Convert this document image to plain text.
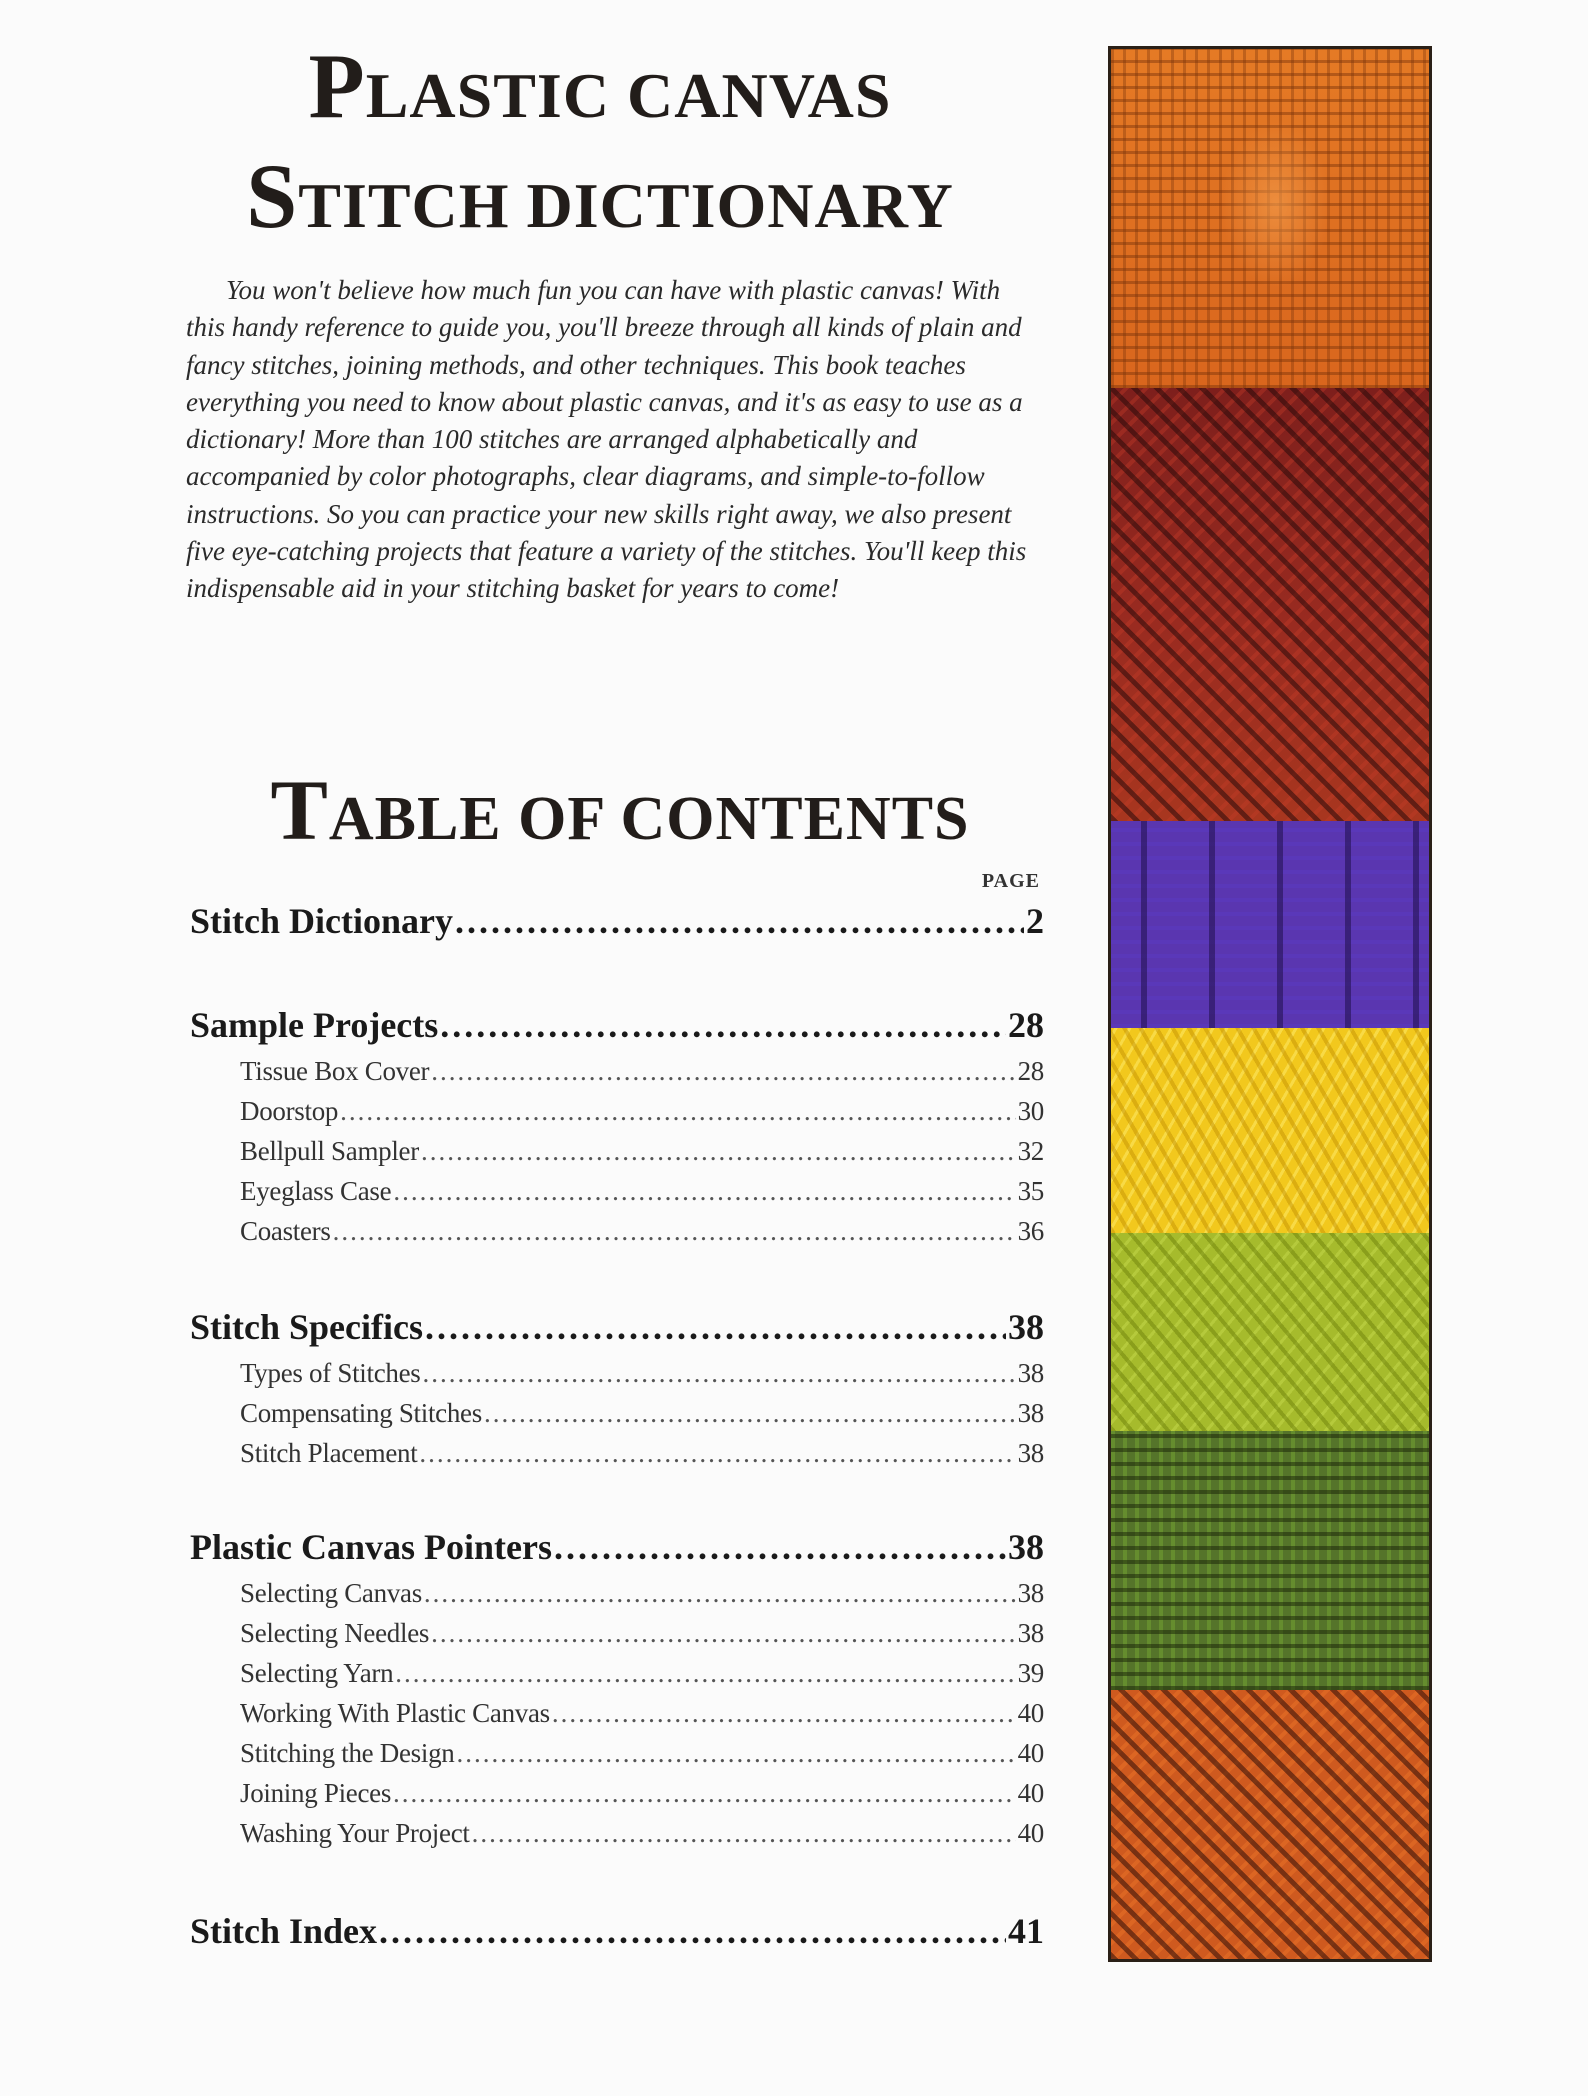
PLASTIC CANVAS
STITCH DICTIONARY

You won't believe how much fun you can have with plastic canvas! With this handy reference to guide you, you'll breeze through all kinds of plain and fancy stitches, joining methods, and other techniques. This book teaches everything you need to know about plastic canvas, and it's as easy to use as a dictionary! More than 100 stitches are arranged alphabetically and accompanied by color photographs, clear diagrams, and simple-to-follow instructions. So you can practice your new skills right away, we also present five eye-catching projects that feature a variety of the stitches. You'll keep this indispensable aid in your stitching basket for years to come!

TABLE OF CONTENTS
PAGE
Stitch Dictionary .....	2
Sample Projects .....	28
Tissue Box Cover .....	28
Doorstop .....	30
Bellpull Sampler .....	32
Eyeglass Case .....	35
Coasters .....	36
Stitch Specifics .....	38
Types of Stitches .....	38
Compensating Stitches .....	38
Stitch Placement .....	38
Plastic Canvas Pointers .....	38
Selecting Canvas .....	38
Selecting Needles .....	38
Selecting Yarn .....	39
Working With Plastic Canvas .....	40
Stitching the Design .....	40
Joining Pieces .....	40
Washing Your Project .....	40
Stitch Index .....	41
